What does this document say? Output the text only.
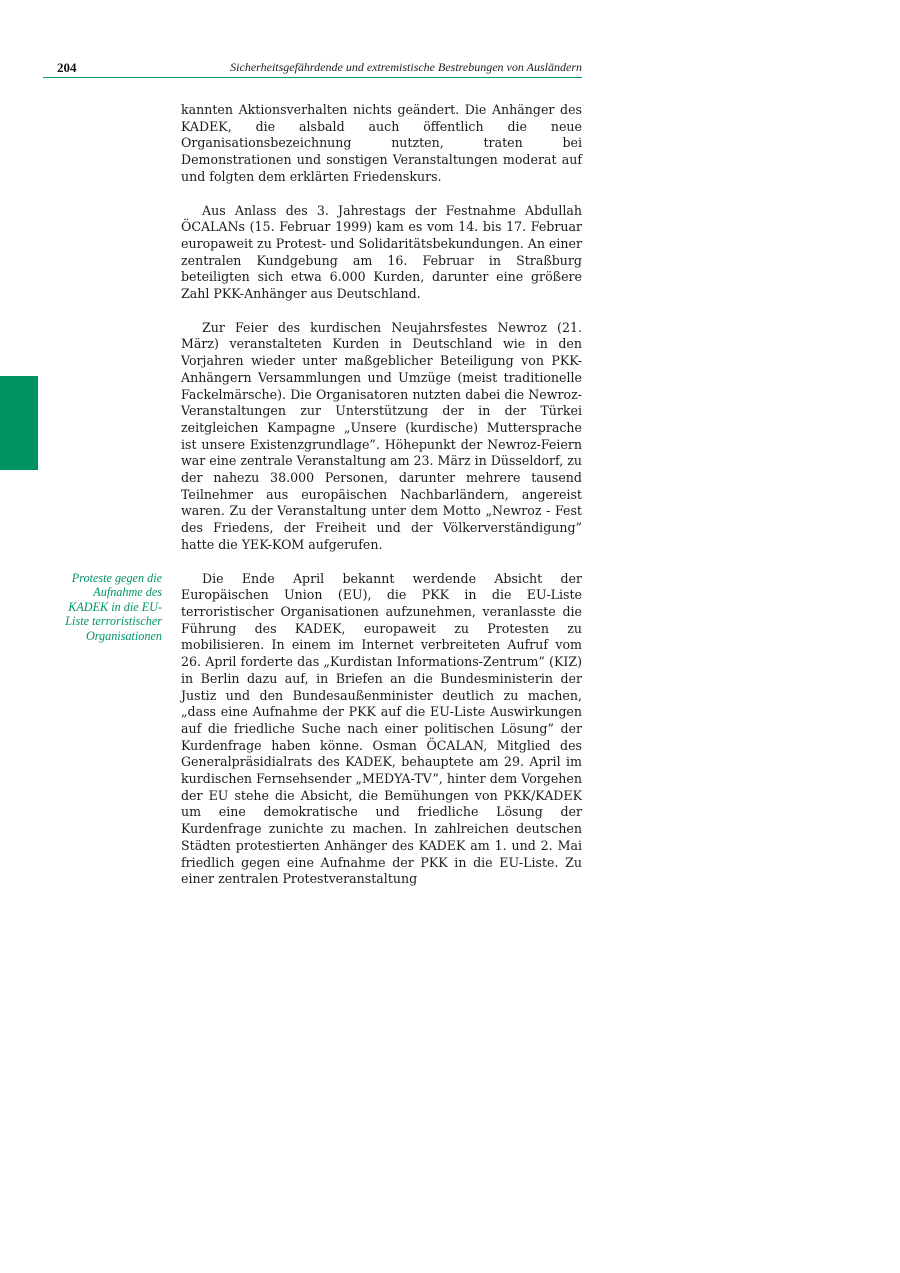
204	Sicherheitsgefährdende und extremistische Bestrebungen von Ausländern
Proteste gegen die Aufnahme des KADEK in die EU-Liste terroristischer Organisationen

kannten Aktionsverhalten nichts geändert. Die Anhänger des KADEK, die alsbald auch öffentlich die neue Organisationsbezeichnung nutzten, traten bei Demonstrationen und sonstigen Veranstaltungen moderat auf und folgten dem erklärten Friedenskurs.

Aus Anlass des 3. Jahrestags der Festnahme Abdullah ÖCALANs (15. Februar 1999) kam es vom 14. bis 17. Februar europaweit zu Protest- und Solidaritätsbekundungen. An einer zentralen Kundgebung am 16. Februar in Straßburg beteiligten sich etwa 6.000 Kurden, darunter eine größere Zahl PKK-Anhänger aus Deutschland.

Zur Feier des kurdischen Neujahrsfestes Newroz (21. März) veranstalteten Kurden in Deutschland wie in den Vorjahren wieder unter maßgeblicher Beteiligung von PKK-Anhängern Versammlungen und Umzüge (meist traditionelle Fackelmärsche). Die Organisatoren nutzten dabei die Newroz-Veranstaltungen zur Unterstützung der in der Türkei zeitgleichen Kampagne „Unsere (kurdische) Muttersprache ist unsere Existenzgrundlage”. Höhepunkt der Newroz-Feiern war eine zentrale Veranstaltung am 23. März in Düsseldorf, zu der nahezu 38.000 Personen, darunter mehrere tausend Teilnehmer aus europäischen Nachbarländern, angereist waren. Zu der Veranstaltung unter dem Motto „Newroz - Fest des Friedens, der Freiheit und der Völkerverständigung” hatte die YEK-KOM aufgerufen.

Die Ende April bekannt werdende Absicht der Europäischen Union (EU), die PKK in die EU-Liste terroristischer Organisationen aufzunehmen, veranlasste die Führung des KADEK, europaweit zu Protesten zu mobilisieren. In einem im Internet verbreiteten Aufruf vom 26. April forderte das „Kurdistan Informations-Zentrum” (KIZ) in Berlin dazu auf, in Briefen an die Bundesministerin der Justiz und den Bundesaußenminister deutlich zu machen, „dass eine Aufnahme der PKK auf die EU-Liste Auswirkungen auf die friedliche Suche nach einer politischen Lösung” der Kurdenfrage haben könne. Osman ÖCALAN, Mitglied des Generalpräsidialrats des KADEK, behauptete am 29. April im kurdischen Fernsehsender „MEDYA-TV”, hinter dem Vorgehen der EU stehe die Absicht, die Bemühungen von PKK/KADEK um eine demokratische und friedliche Lösung der Kurdenfrage zunichte zu machen. In zahlreichen deutschen Städten protestierten Anhänger des KADEK am 1. und 2. Mai friedlich gegen eine Aufnahme der PKK in die EU-Liste. Zu einer zentralen Protestveranstaltung
